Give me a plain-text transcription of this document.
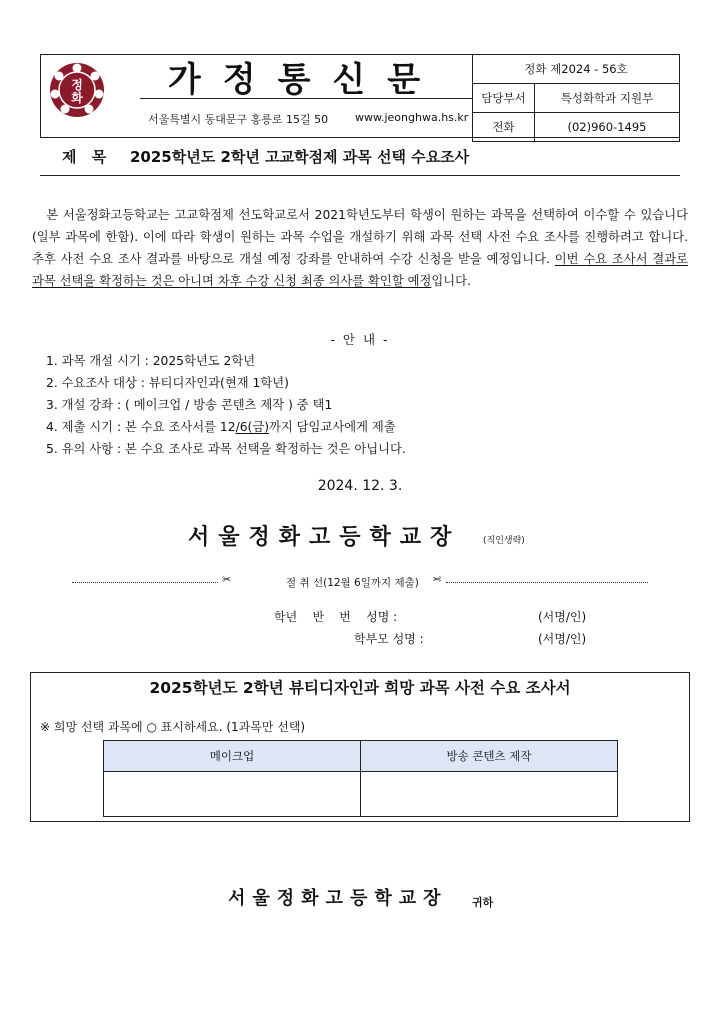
정
화	가정통신문
서울특별시 동대문구 홍릉로 15길 50 www.jeonghwa.hs.kr
정화 제2024 - 56호	
담당부서	특성화학과 지원부
전화	(02)960-1495
제 목 2025학년도 2학년 고교학점제 과목 선택 수요조사
본 서울정화고등학교는 고교학점제 선도학교로서 2021학년도부터 학생이 원하는 과목을 선택하여 이수할 수 있습니다(일부 과목에 한함). 이에 따라 학생이 원하는 과목 수업을 개설하기 위해 과목 선택 사전 수요 조사를 진행하려고 합니다. 추후 사전 수요 조사 결과를 바탕으로 개설 예정 강좌를 안내하여 수강 신청을 받을 예정입니다. 이번 수요 조사서 결과로 과목 선택을 확정하는 것은 아니며 차후 수강 신청 최종 의사를 확인할 예정입니다.
- 안 내 -
1. 과목 개설 시기 : 2025학년도 2학년
2. 수요조사 대상 : 뷰티디자인과(현재 1학년)
3. 개설 강좌 : ( 메이크업 / 방송 콘텐츠 제작 ) 중 택1
4. 제출 시기 : 본 수요 조사서를 12/6(금)까지 담임교사에게 제출
5. 유의 사항 : 본 수요 조사로 과목 선택을 확정하는 것은 아닙니다.
2024. 12. 3.
서울정화고등학교장	(직인생략)
✂	절 취 선(12월 6일까지 제출) ✂
학년    반    번    성명 :	(서명/인)
학부모 성명 :	(서명/인)
2025학년도 2학년 뷰티디자인과 희망 과목 사전 수요 조사서
※ 희망 선택 과목에 ○ 표시하세요. (1과목만 선택)
메이크업	방송 콘텐츠 제작

서울정화고등학교장 귀하
